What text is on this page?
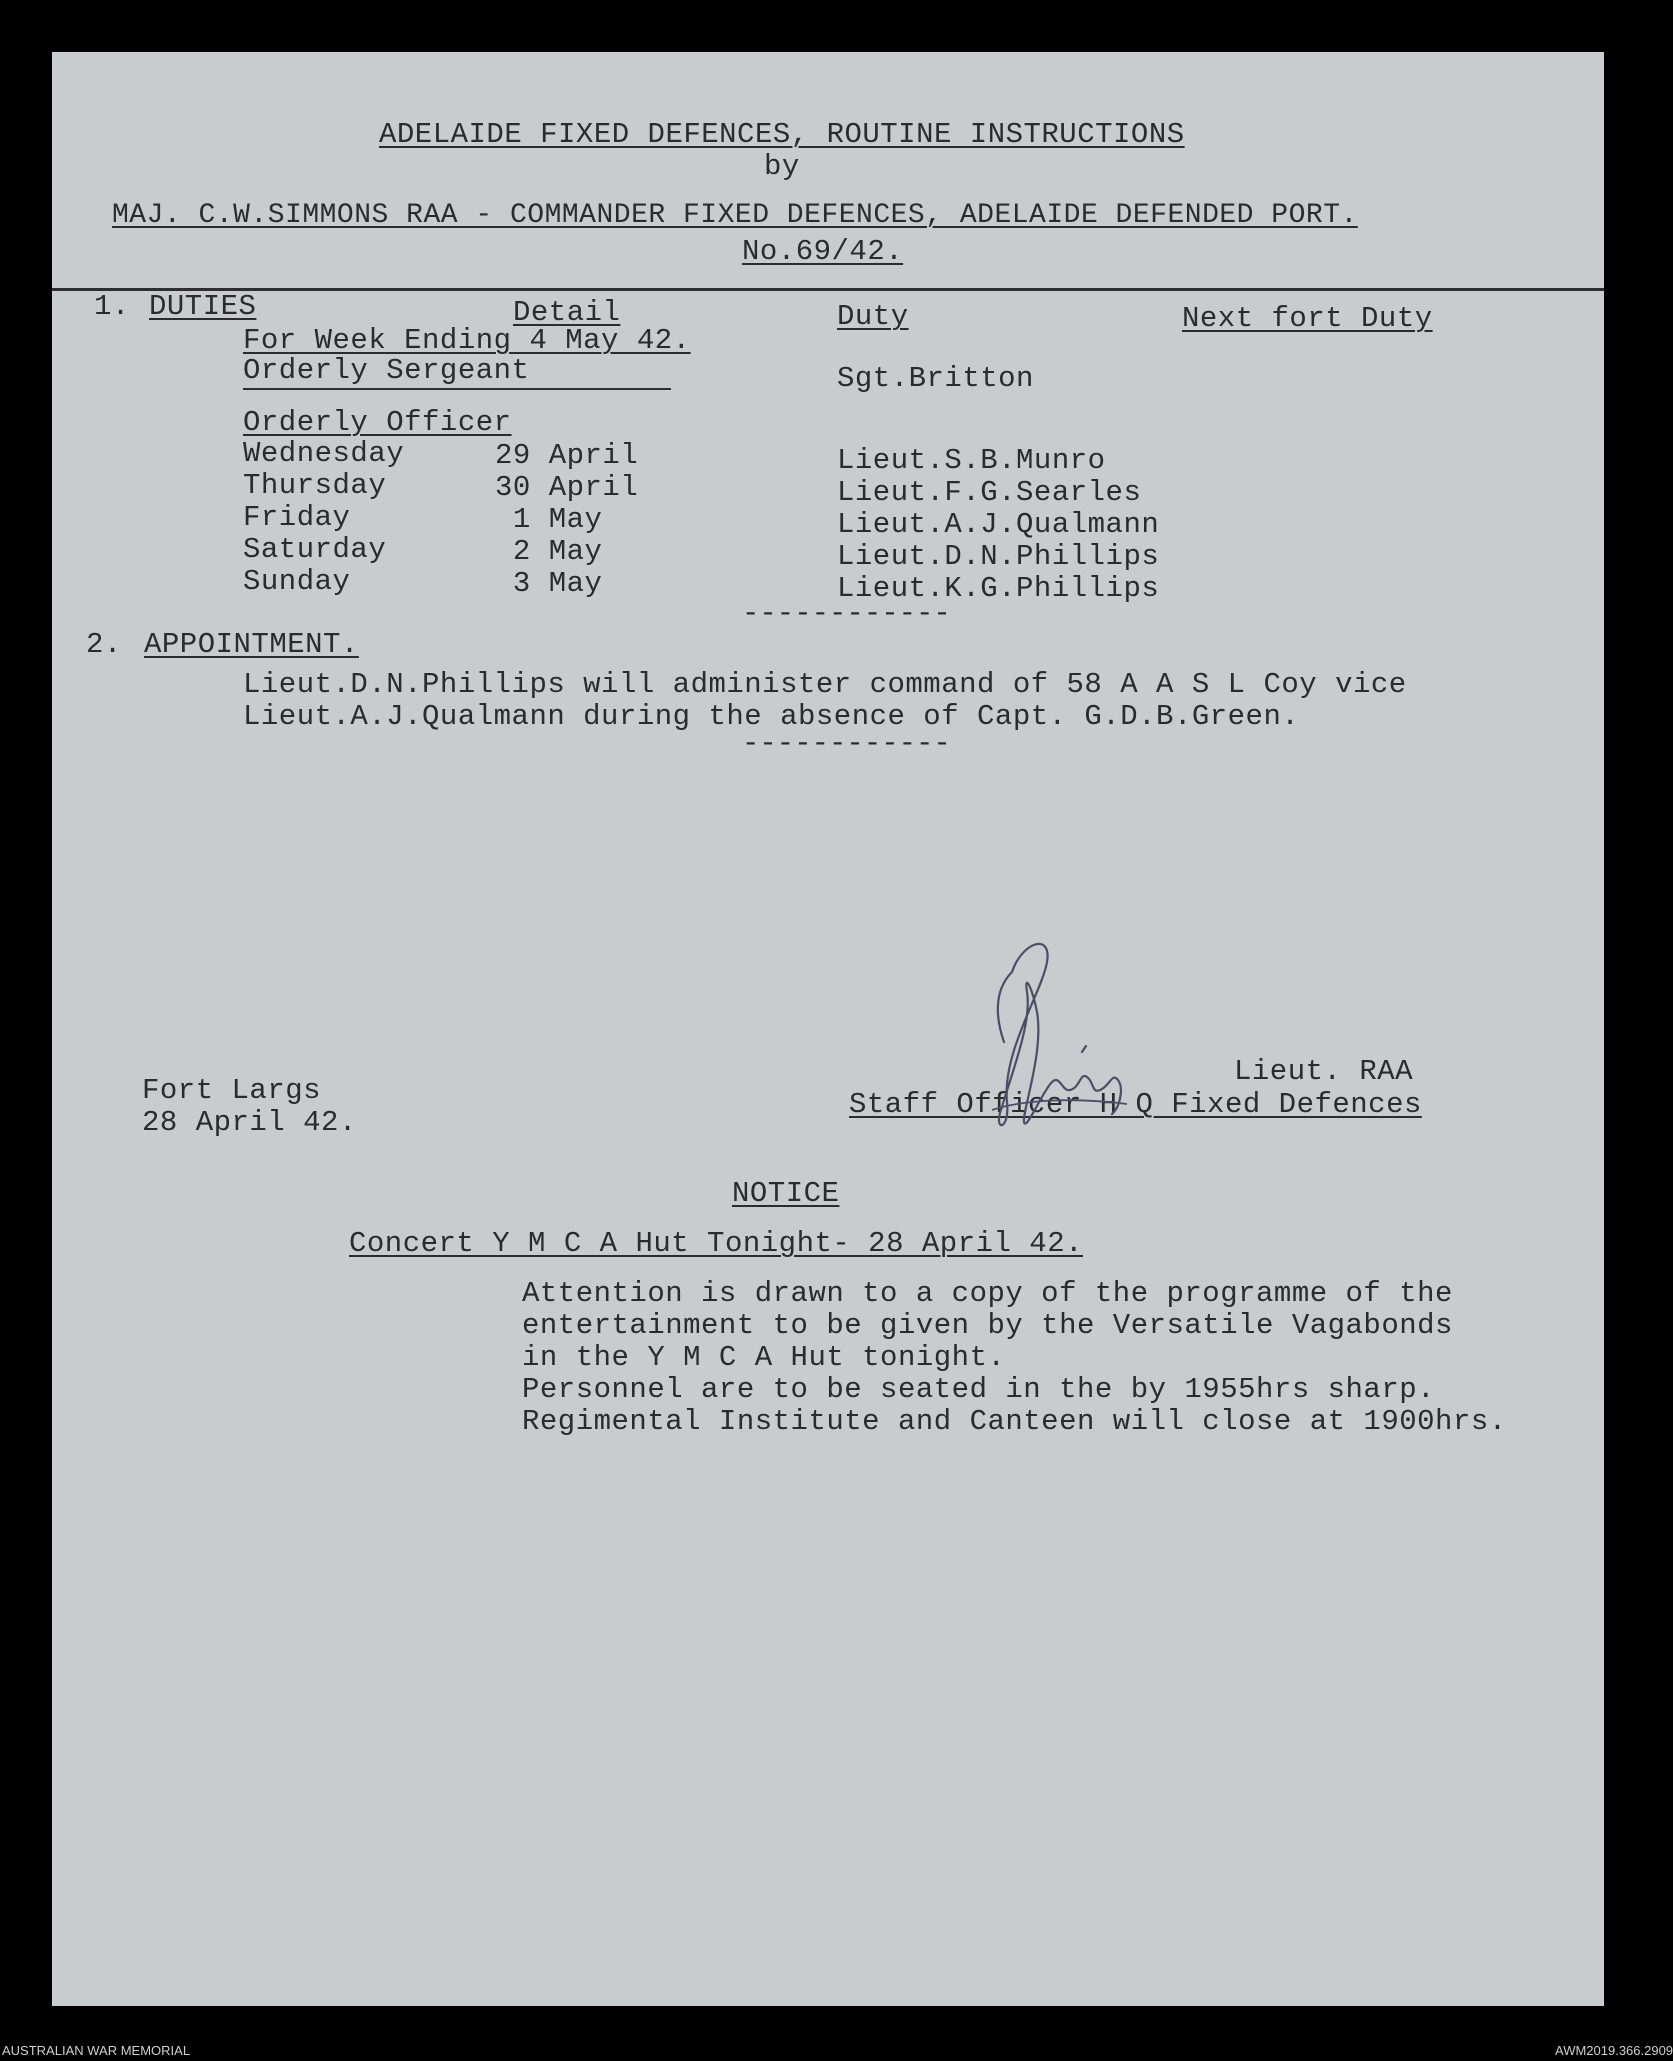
ADELAIDE FIXED DEFENCES, ROUTINE INSTRUCTIONS
by
MAJ. C.W.SIMMONS RAA - COMMANDER FIXED DEFENCES, ADELAIDE DEFENDED PORT.
No.69/42.
1. DUTIES	Detail	Duty	Next fort Duty
For Week Ending 4 May 42.
Orderly Sergeant	Sgt.Britton
Orderly Officer
Wednesday	29 April	Lieut.S.B.Munro
Thursday	30 April	Lieut.F.G.Searles
Friday	1 May	Lieut.A.J.Qualmann
Saturday	2 May	Lieut.D.N.Phillips
Sunday	3 May	Lieut.K.G.Phillips
------------
2. APPOINTMENT.
Lieut.D.N.Phillips will administer command of 58 A A S L Coy vice
Lieut.A.J.Qualmann during the absence of Capt. G.D.B.Green.
------------
Fort Largs
28 April 42.
Lieut. RAA
Staff Officer H Q Fixed Defences
NOTICE
Concert Y M C A Hut Tonight- 28 April 42.
Attention is drawn to a copy of the programme of the
entertainment to be given by the Versatile Vagabonds
in the Y M C A Hut tonight.
Personnel are to be seated in the by 1955hrs sharp.
Regimental Institute and Canteen will close at 1900hrs.
AUSTRALIAN WAR MEMORIAL	AWM2019.366.2909
